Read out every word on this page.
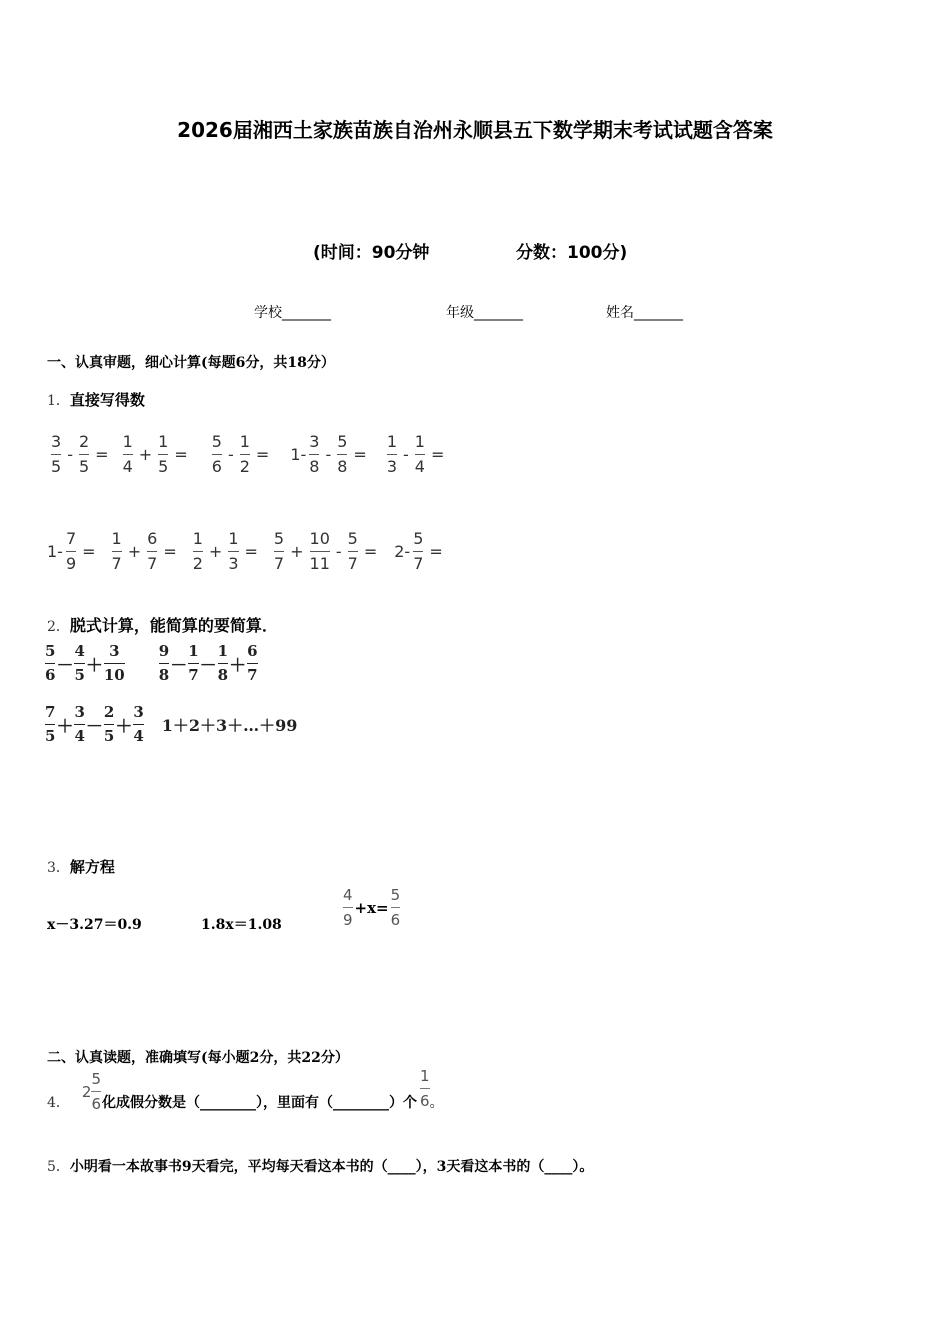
2026届湘西土家族苗族自治州永顺县五下数学期末考试试题含答案
(时间：90分钟	分数：100分)
学校_______	年级_______	姓名_______
一、认真审题，细心计算(每题6分，共18分）
1．直接写得数
$\frac{3}{5} - \frac{2}{5} = \frac{1}{4} + \frac{1}{5} = \frac{5}{6} - \frac{1}{2} = 1- \frac{3}{8} - \frac{5}{8} = \frac{1}{3} - \frac{1}{4}$ =
$1- \frac{7}{9} = \frac{1}{7} + \frac{6}{7} = \frac{1}{2} + \frac{1}{3} = \frac{5}{7} + \frac{10}{11} - \frac{5}{7} = 2- \frac{5}{7}$ =
2．脱式计算，能简算的要简算．
$\frac{5}{6} - \frac{4}{5} + \frac{3}{10} \frac{9}{8} - \frac{1}{7} - \frac{1}{8} + \frac{6}{7}$
$\frac{7}{5} + \frac{3}{4} - \frac{2}{5} + \frac{3}{4}$ 1＋2＋3＋…＋99
3．解方程
x－3.27＝0.9	1.8x＝1.08
4
9
+x=
5
6
二、认真读题，准确填写(每小题2分，共22分）
4．
2
5
6 化成假分数是（________），里面有（________）个
1
6 。
5．小明看一本故事书9天看完，平均每天看这本书的（____），3天看这本书的（____）。
